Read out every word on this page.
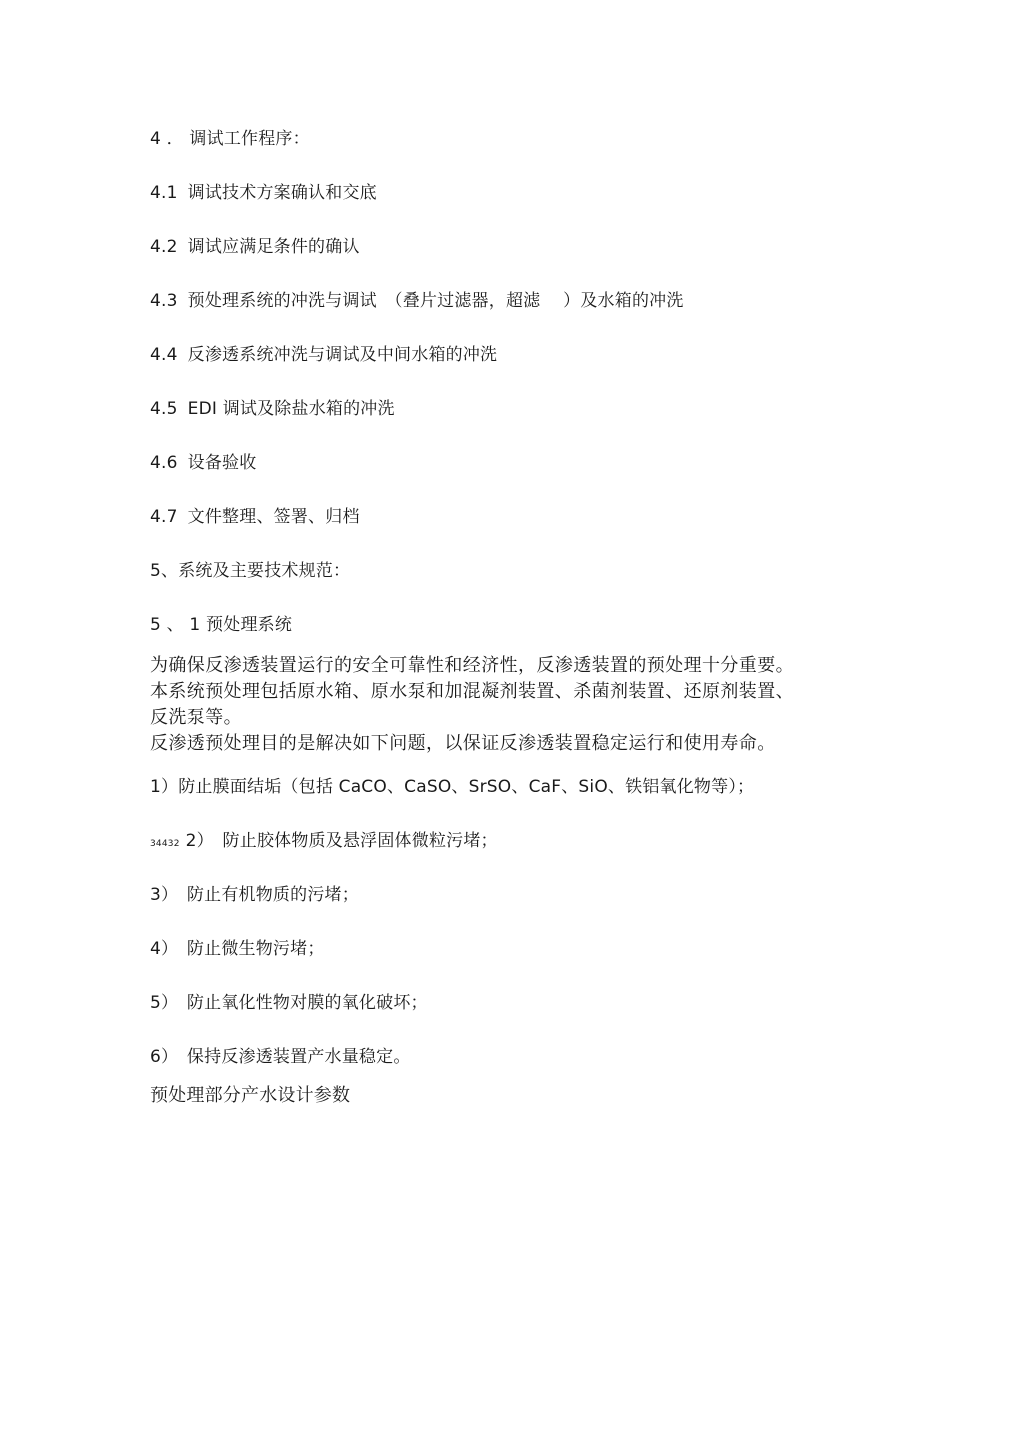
4 ． 调试工作程序：
4.1 调试技术方案确认和交底
4.2 调试应满足条件的确认
4.3 预处理系统的冲洗与调试　（叠片过滤器，超滤　 ）及水箱的冲洗
4.4 反渗透系统冲洗与调试及中间水箱的冲洗
4.5 EDI 调试及除盐水箱的冲洗
4.6 设备验收
4.7 文件整理、签署、归档
5、系统及主要技术规范：
5 、 1 预处理系统
为确保反渗透装置运行的安全可靠性和经济性，反渗透装置的预处理十分重要。
本系统预处理包括原水箱、原水泵和加混凝剂装置、杀菌剂装置、还原剂装置、
反洗泵等。
反渗透预处理目的是解决如下问题，以保证反渗透装置稳定运行和使用寿命。
1）防止膜面结垢（包括 CaCO、CaSO、SrSO、CaF、SiO、铁铝氧化物等）；
34432 2）　防止胶体物质及悬浮固体微粒污堵；
3）　防止有机物质的污堵；
4）　防止微生物污堵；
5）　防止氧化性物对膜的氧化破坏；
6）　保持反渗透装置产水量稳定。
预处理部分产水设计参数
